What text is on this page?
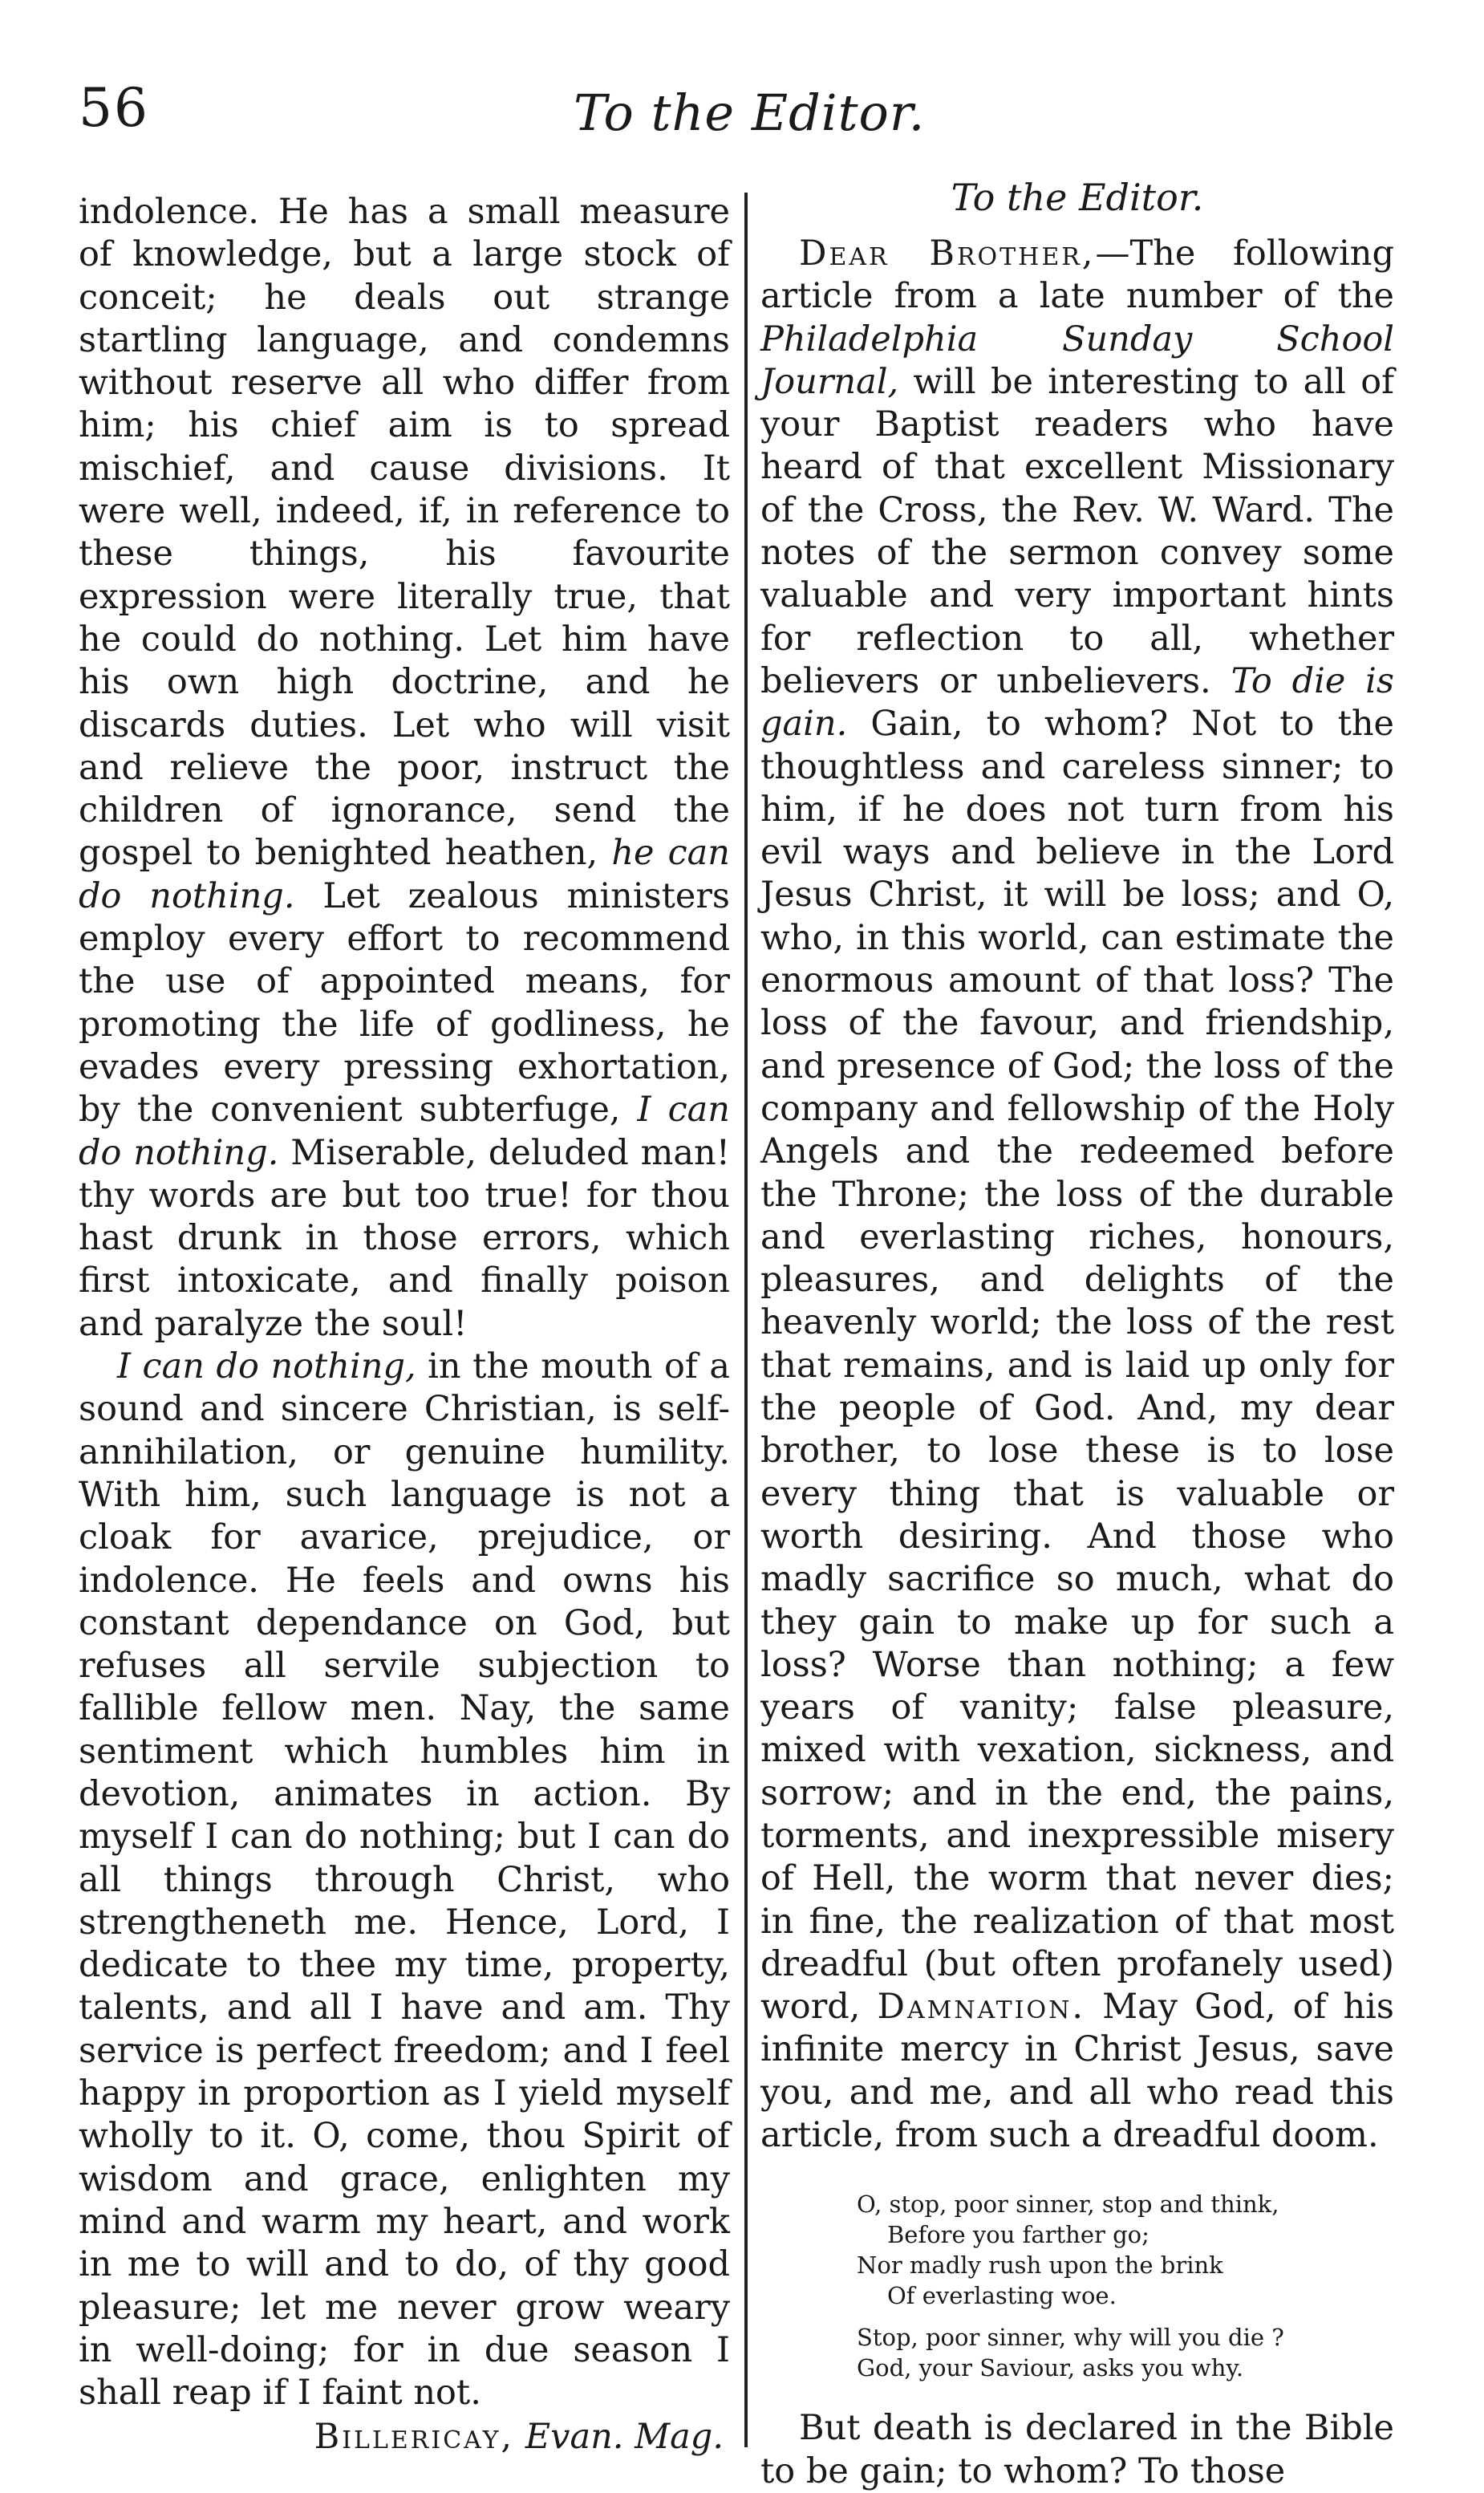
56	To the Editor.

indolence. He has a small measure of knowledge, but a large stock of conceit; he deals out strange startling language, and condemns without reserve all who differ from him; his chief aim is to spread mischief, and cause divisions. It were well, indeed, if, in reference to these things, his favourite expression were literally true, that he could do nothing. Let him have his own high doctrine, and he discards duties. Let who will visit and relieve the poor, instruct the children of ignorance, send the gospel to benighted heathen, he can do nothing. Let zealous ministers employ every effort to recommend the use of appointed means, for promoting the life of godliness, he evades every pressing exhortation, by the convenient subterfuge, I can do nothing. Miserable, deluded man! thy words are but too true! for thou hast drunk in those errors, which first intoxicate, and finally poison and paralyze the soul!

I can do nothing, in the mouth of a sound and sincere Christian, is self-annihilation, or genuine humility. With him, such language is not a cloak for avarice, prejudice, or indolence. He feels and owns his constant dependance on God, but refuses all servile subjection to fallible fellow men. Nay, the same sentiment which humbles him in devotion, animates in action. By myself I can do nothing; but I can do all things through Christ, who strengtheneth me. Hence, Lord, I dedicate to thee my time, property, talents, and all I have and am. Thy service is perfect freedom; and I feel happy in proportion as I yield myself wholly to it. O, come, thou Spirit of wisdom and grace, enlighten my mind and warm my heart, and work in me to will and to do, of thy good pleasure; let me never grow weary in well-doing; for in due season I shall reap if I faint not.

Billericay, Evan. Mag.

To the Editor.

Dear Brother,—The following article from a late number of the Philadelphia Sunday School Journal, will be interesting to all of your Baptist readers who have heard of that excellent Missionary of the Cross, the Rev. W. Ward. The notes of the sermon convey some valuable and very important hints for reflection to all, whether believers or unbelievers. To die is gain. Gain, to whom? Not to the thoughtless and careless sinner; to him, if he does not turn from his evil ways and believe in the Lord Jesus Christ, it will be loss; and O, who, in this world, can estimate the enormous amount of that loss? The loss of the favour, and friendship, and presence of God; the loss of the company and fellowship of the Holy Angels and the redeemed before the Throne; the loss of the durable and everlasting riches, honours, pleasures, and delights of the heavenly world; the loss of the rest that remains, and is laid up only for the people of God. And, my dear brother, to lose these is to lose every thing that is valuable or worth desiring. And those who madly sacrifice so much, what do they gain to make up for such a loss? Worse than nothing; a few years of vanity; false pleasure, mixed with vexation, sickness, and sorrow; and in the end, the pains, torments, and inexpressible misery of Hell, the worm that never dies; in fine, the realization of that most dreadful (but often profanely used) word, Damnation. May God, of his infinite mercy in Christ Jesus, save you, and me, and all who read this article, from such a dreadful doom.

O, stop, poor sinner, stop and think,
Before you farther go;
Nor madly rush upon the brink
Of everlasting woe.
Stop, poor sinner, why will you die ?
God, your Saviour, asks you why.

But death is declared in the Bible to be gain; to whom? To those
